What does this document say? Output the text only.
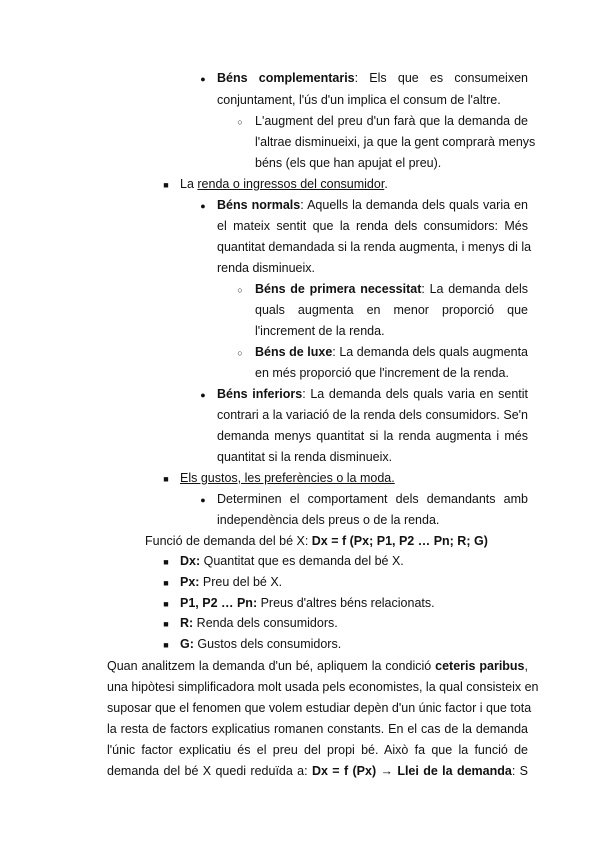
●

Béns complementaris: Els que es consumeixen

conjuntament, l'ús d'un implica el consum de l'altre.

○

L'augment del preu d'un farà que la demanda de

l'altrae disminueixi, ja que la gent comprarà menys

béns (els que han apujat el preu).

■

La renda o ingressos del consumidor.

●

Béns normals: Aquells la demanda dels quals varia en

el mateix sentit que la renda dels consumidors: Més

quantitat demandada si la renda augmenta, i menys di la

renda disminueix.

○

Béns de primera necessitat: La demanda dels

quals augmenta en menor proporció que

l'increment de la renda.

○

Béns de luxe: La demanda dels quals augmenta

en més proporció que l'increment de la renda.

●

Béns inferiors: La demanda dels quals varia en sentit

contrari a la variació de la renda dels consumidors. Se'n

demanda menys quantitat si la renda augmenta i més

quantitat si la renda disminueix.

■

Els gustos, les preferències o la moda.

●

Determinen el comportament dels demandants amb

independència dels preus o de la renda.

Funció de demanda del bé X: Dx = f (Px; P1, P2 … Pn; R; G)

■

Dx: Quantitat que es demanda del bé X.

■

Px: Preu del bé X.

■

P1, P2 … Pn: Preus d'altres béns relacionats.

■

R: Renda dels consumidors.

■

G: Gustos dels consumidors.

Quan analitzem la demanda d'un bé, apliquem la condició ceteris paribus,

una hipòtesi simplificadora molt usada pels economistes, la qual consisteix en

suposar que el fenomen que volem estudiar depèn d'un únic factor i que tota

la resta de factors explicatius romanen constants. En el cas de la demanda

l'únic factor explicatiu és el preu del propi bé. Això fa que la funció de

demanda del bé X quedi reduïda a: Dx = f (Px) → Llei de la demanda: S
